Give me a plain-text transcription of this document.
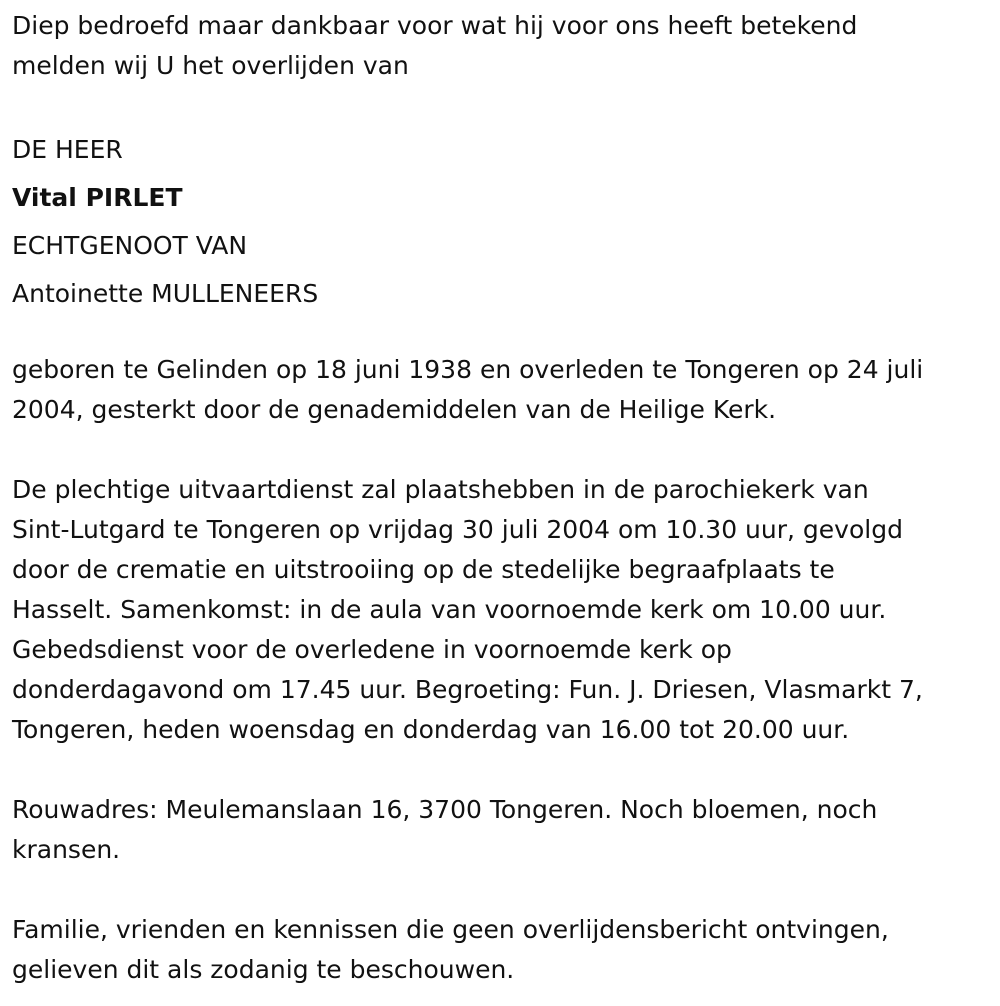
Diep bedroefd maar dankbaar voor wat hij voor ons heeft betekend
melden wij U het overlijden van
DE HEER
Vital PIRLET
ECHTGENOOT VAN
Antoinette MULLENEERS
geboren te Gelinden op 18 juni 1938 en overleden te Tongeren op 24 juli
2004, gesterkt door de genademiddelen van de Heilige Kerk.
De plechtige uitvaartdienst zal plaatshebben in de parochiekerk van
Sint-Lutgard te Tongeren op vrijdag 30 juli 2004 om 10.30 uur, gevolgd
door de crematie en uitstrooiing op de stedelijke begraafplaats te
Hasselt. Samenkomst: in de aula van voornoemde kerk om 10.00 uur.
Gebedsdienst voor de overledene in voornoemde kerk op
donderdagavond om 17.45 uur. Begroeting: Fun. J. Driesen, Vlasmarkt 7,
Tongeren, heden woensdag en donderdag van 16.00 tot 20.00 uur.
Rouwadres: Meulemanslaan 16, 3700 Tongeren. Noch bloemen, noch
kransen.
Familie, vrienden en kennissen die geen overlijdensbericht ontvingen,
gelieven dit als zodanig te beschouwen.
